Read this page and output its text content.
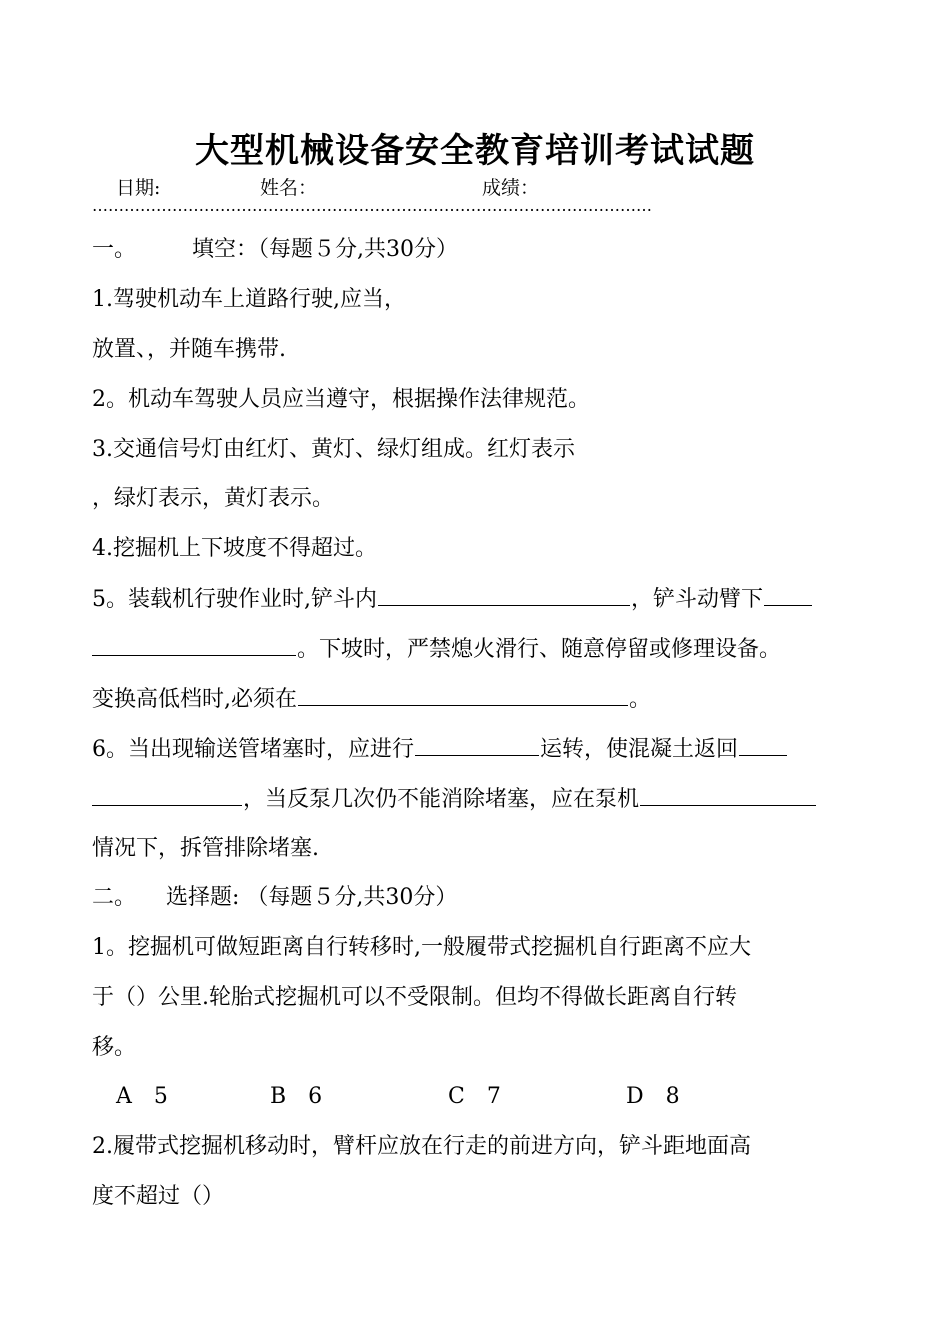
大型机械设备安全教育培训考试试题
日期:	姓名：	成绩：
……………………………………………………………………………………………
一。	填空：（每题５分,共30分）
1.驾驶机动车上道路行驶,应当，
放置、，并随车携带.
2。机动车驾驶人员应当遵守，根据操作法律规范。
3.交通信号灯由红灯、黄灯、绿灯组成。红灯表示
，绿灯表示，黄灯表示。
4.挖掘机上下坡度不得超过。
5。装载机行驶作业时,铲斗内	，铲斗动臂下
。下坡时，严禁熄火滑行、随意停留或修理设备。
变换高低档时,必须在	。
6。当出现输送管堵塞时，应进行	运转，使混凝土返回
，当反泵几次仍不能消除堵塞，应在泵机
情况下，拆管排除堵塞.
二。 选择题: （每题５分,共30分）
1。挖掘机可做短距离自行转移时,一般履带式挖掘机自行距离不应大
于（）公里.轮胎式挖掘机可以不受限制。但均不得做长距离自行转
移。
A　5	B　6	C　7	D　8
2.履带式挖掘机移动时，臂杆应放在行走的前进方向，铲斗距地面高
度不超过（）
